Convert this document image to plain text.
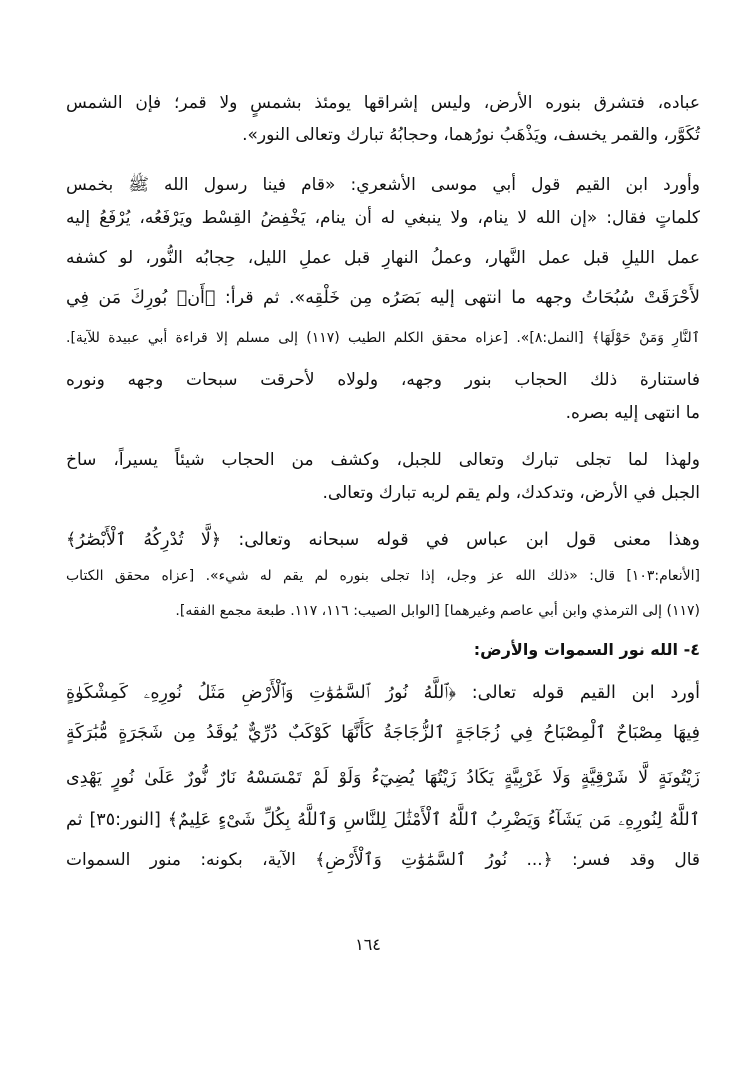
عباده، فتشرق بنوره الأرض، وليس إشراقها يومئذ بشمسٍ ولا قمر؛ فإن الشمس
تُكَوَّر، والقمر يخسف، ويَذْهَبُ نورُهما، وحجابُهُ تبارك وتعالى النور».
وأورد ابن القيم قول أبي موسى الأشعري: «قام فينا رسول الله ﷺ بخمس
كلماتٍ فقال: «إن الله لا ينام، ولا ينبغي له أن ينام، يَخْفِضُ القِسْط ويَرْفَعُه، يُرْفَعُ إليه
عمل الليلِ قبل عمل النَّهار، وعملُ النهارِ قبل عملِ الليل، حِجابُه النُّور، لو كشفه
لأَحْرَقَتْ سُبُحَاتُ وجهه ما انتهى إليه بَصَرُه مِن خَلْقِه». ثم قرأ: ﴿أَنۢ بُورِكَ مَن فِي
ٱلنَّارِ وَمَنْ حَوْلَهَا﴾ [النمل:٨]». [عزاه محقق الكلم الطيب (١١٧) إلى مسلم إلا قراءة أبي عبيدة للآية].
فاستنارة ذلك الحجاب بنور وجهه، ولولاه لأحرقت سبحات وجهه ونوره
ما انتهى إليه بصره.
ولهذا لما تجلى تبارك وتعالى للجبل، وكشف من الحجاب شيئاً يسيراً، ساخ
الجبل في الأرض، وتدكدك، ولم يقم لربه تبارك وتعالى.
وهذا معنى قول ابن عباس في قوله سبحانه وتعالى: ﴿لَّا تُدْرِكُهُ ٱلْأَبْصَٰرُ﴾
[الأنعام:١٠٣] قال: «ذلك الله عز وجل، إذا تجلى بنوره لم يقم له شيء». [عزاه محقق الكتاب
(١١٧) إلى الترمذي وابن أبي عاصم وغيرهما] [الوابل الصيب: ١١٦، ١١٧. طبعة مجمع الفقه].
٤- الله نور السموات والأرض:
أورد ابن القيم قوله تعالى: ﴿ٱللَّهُ نُورُ ٱلسَّمَٰوَٰتِ وَٱلْأَرْضِ مَثَلُ نُورِهِۦ كَمِشْكَوٰةٍ
فِيهَا مِصْبَاحٌ ٱلْمِصْبَاحُ فِي زُجَاجَةٍ ٱلزُّجَاجَةُ كَأَنَّهَا كَوْكَبٌ دُرِّيٌّ يُوقَدُ مِن شَجَرَةٍ مُّبَٰرَكَةٍ
زَيْتُونَةٍ لَّا شَرْقِيَّةٍ وَلَا غَرْبِيَّةٍ يَكَادُ زَيْتُهَا يُضِيٓءُ وَلَوْ لَمْ تَمْسَسْهُ نَارٌ نُّورٌ عَلَىٰ نُورٍ يَهْدِى
ٱللَّهُ لِنُورِهِۦ مَن يَشَآءُ وَيَضْرِبُ ٱللَّهُ ٱلْأَمْثَٰلَ لِلنَّاسِ وَٱللَّهُ بِكُلِّ شَىْءٍ عَلِيمٌ﴾ [النور:٣٥] ثم
قال وقد فسر: ﴿... نُورُ ٱلسَّمَٰوَٰتِ وَٱلْأَرْضِ﴾ الآية، بكونه: منور السموات
١٦٤
